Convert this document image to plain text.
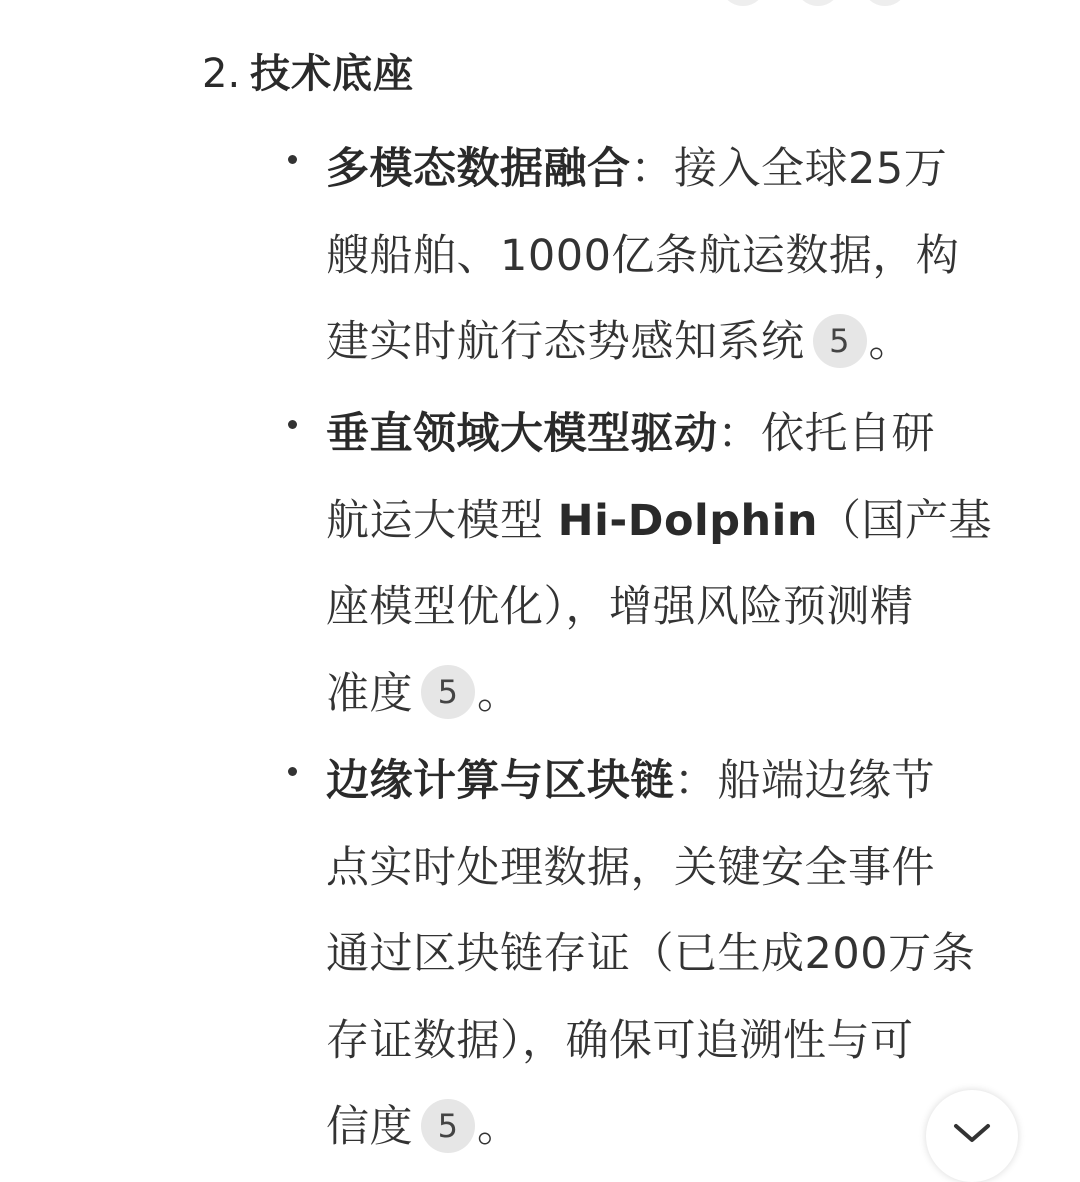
2. 技术底座
多模态数据融合：接入全球25万
艘船舶、1000亿条航运数据，构
建实时航行态势感知系统 5 。
垂直领域大模型驱动：依托自研
航运大模型 Hi-Dolphin（国产基
座模型优化），增强风险预测精
准度 5 。
边缘计算与区块链：船端边缘节
点实时处理数据，关键安全事件
通过区块链存证（已生成200万条
存证数据），确保可追溯性与可
信度 5 。
